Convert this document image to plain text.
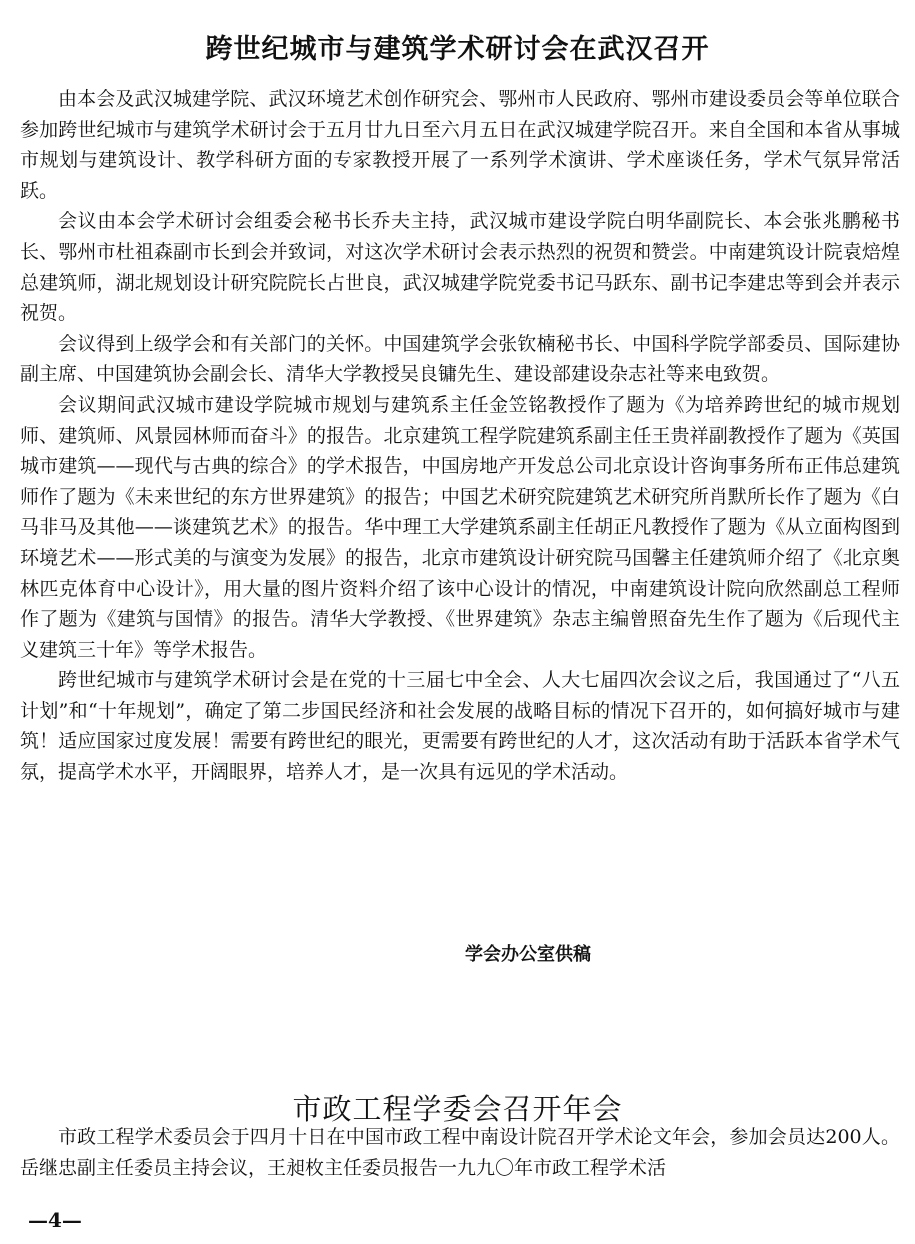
跨世纪城市与建筑学术研讨会在武汉召开

由本会及武汉城建学院、武汉环境艺术创作研究会、鄂州市人民政府、鄂州市建设委员会等单位联合参加跨世纪城市与建筑学术研讨会于五月廿九日至六月五日在武汉城建学院召开。来自全国和本省从事城市规划与建筑设计、教学科研方面的专家教授开展了一系列学术演讲、学术座谈任务，学术气氛异常活跃。

会议由本会学术研讨会组委会秘书长乔夫主持，武汉城市建设学院白明华副院长、本会张兆鹏秘书长、鄂州市杜祖森副市长到会并致词，对这次学术研讨会表示热烈的祝贺和赞尝。中南建筑设计院袁焙煌总建筑师，湖北规划设计研究院院长占世良，武汉城建学院党委书记马跃东、副书记李建忠等到会并表示祝贺。

会议得到上级学会和有关部门的关怀。中国建筑学会张钦楠秘书长、中国科学院学部委员、国际建协副主席、中国建筑协会副会长、清华大学教授吴良镛先生、建设部建设杂志社等来电致贺。

会议期间武汉城市建设学院城市规划与建筑系主任金笠铭教授作了题为《为培养跨世纪的城市规划师、建筑师、风景园林师而奋斗》的报告。北京建筑工程学院建筑系副主任王贵祥副教授作了题为《英国城市建筑——现代与古典的综合》的学术报告，中国房地产开发总公司北京设计咨询事务所布正伟总建筑师作了题为《未来世纪的东方世界建筑》的报告；中国艺术研究院建筑艺术研究所肖默所长作了题为《白马非马及其他——谈建筑艺术》的报告。华中理工大学建筑系副主任胡正凡教授作了题为《从立面构图到环境艺术——形式美的与演变为发展》的报告，北京市建筑设计研究院马国馨主任建筑师介绍了《北京奥林匹克体育中心设计》，用大量的图片资料介绍了该中心设计的情况，中南建筑设计院向欣然副总工程师作了题为《建筑与国情》的报告。清华大学教授、《世界建筑》杂志主编曾照奋先生作了题为《后现代主义建筑三十年》等学术报告。

跨世纪城市与建筑学术研讨会是在党的十三届七中全会、人大七届四次会议之后，我国通过了“八五计划”和“十年规划”，确定了第二步国民经济和社会发展的战略目标的情况下召开的，如何搞好城市与建筑！适应国家过度发展！需要有跨世纪的眼光，更需要有跨世纪的人才，这次活动有助于活跃本省学术气氛，提高学术水平，开阔眼界，培养人才，是一次具有远见的学术活动。

学会办公室供稿
市政工程学委会召开年会

市政工程学术委员会于四月十日在中国市政工程中南设计院召开学术论文年会，参加会员达200人。岳继忠副主任委员主持会议，王昶枚主任委员报告一九九〇年市政工程学术活

—4—
